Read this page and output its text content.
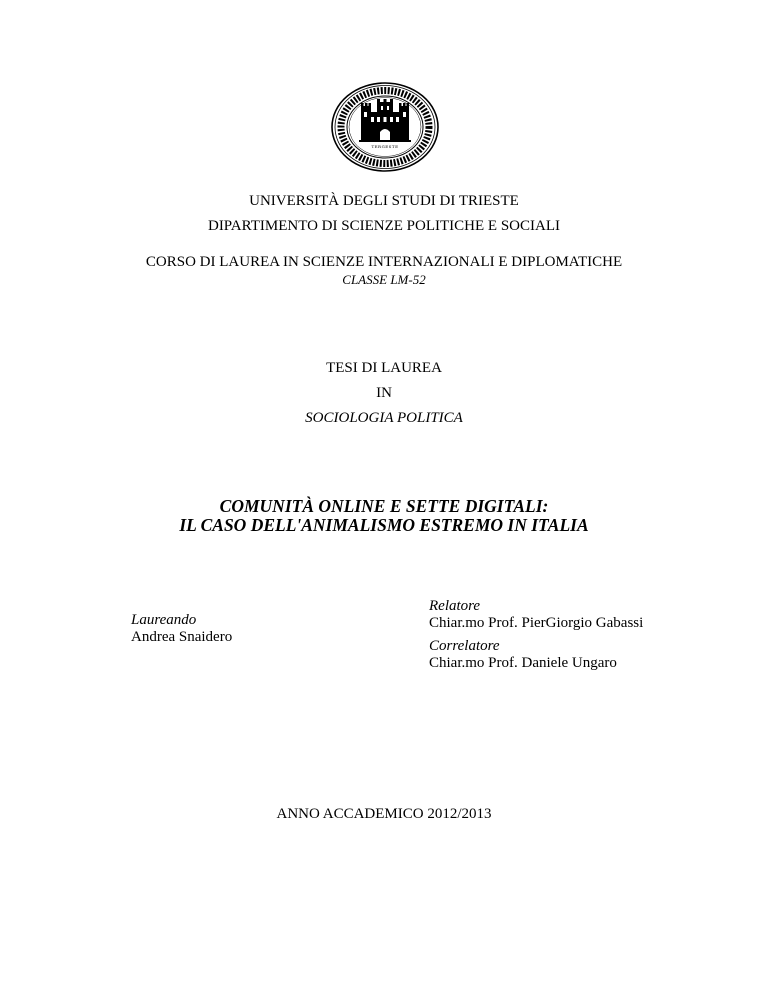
TERGESTE
UNIVERSITÀ DEGLI STUDI DI TRIESTE
DIPARTIMENTO DI SCIENZE POLITICHE E SOCIALI
CORSO DI LAUREA IN SCIENZE INTERNAZIONALI E DIPLOMATICHE
CLASSE LM-52
TESI DI LAUREA
IN
SOCIOLOGIA POLITICA
COMUNITÀ ONLINE E SETTE DIGITALI:
IL CASO DELL'ANIMALISMO ESTREMO IN ITALIA
Laureando
Andrea Snaidero
Relatore
Chiar.mo Prof. PierGiorgio Gabassi
Correlatore
Chiar.mo Prof. Daniele Ungaro
ANNO ACCADEMICO 2012/2013
